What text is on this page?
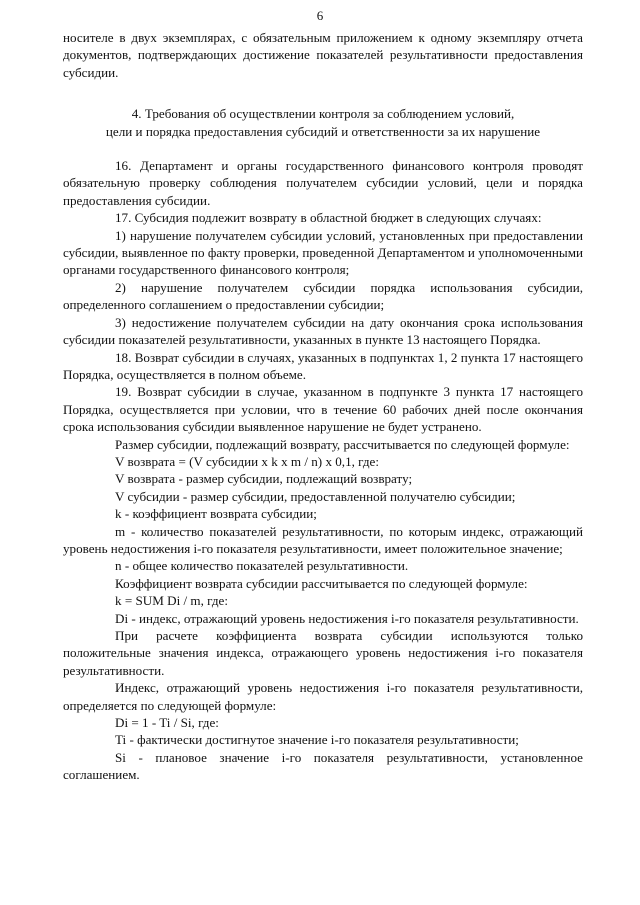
6

носителе в двух экземплярах, с обязательным приложением к одному экземпляру отчета документов, подтверждающих достижение показателей результативности предоставления субсидии.

4. Требования об осуществлении контроля за соблюдением условий,

цели и порядка предоставления субсидий и ответственности за их нарушение

16. Департамент и органы государственного финансового контроля проводят обязательную проверку соблюдения получателем субсидии условий, цели и порядка предоставления субсидии.

17. Субсидия подлежит возврату в областной бюджет в следующих случаях:

1) нарушение получателем субсидии условий, установленных при предоставлении субсидии, выявленное по факту проверки, проведенной Департаментом и уполномоченными органами государственного финансового контроля;

2) нарушение получателем субсидии порядка использования субсидии, определенного соглашением о предоставлении субсидии;

3) недостижение получателем субсидии на дату окончания срока использования субсидии показателей результативности, указанных в пункте 13 настоящего Порядка.

18. Возврат субсидии в случаях, указанных в подпунктах 1, 2 пункта 17 настоящего Порядка, осуществляется в полном объеме.

19. Возврат субсидии в случае, указанном в подпункте 3 пункта 17 настоящего Порядка, осуществляется при условии, что в течение 60 рабочих дней после окончания срока использования субсидии выявленное нарушение не будет устранено.

Размер субсидии, подлежащий возврату, рассчитывается по следующей формуле:

V возврата = (V субсидии x k x m / n) x 0,1, где:

V возврата - размер субсидии, подлежащий возврату;

V субсидии - размер субсидии, предоставленной получателю субсидии;

k - коэффициент возврата субсидии;

m - количество показателей результативности, по которым индекс, отражающий уровень недостижения i-го показателя результативности, имеет положительное значение;

n - общее количество показателей результативности.

Коэффициент возврата субсидии рассчитывается по следующей формуле:

k = SUM Di / m, где:

Di - индекс, отражающий уровень недостижения i-го показателя результативности.

При расчете коэффициента возврата субсидии используются только положительные значения индекса, отражающего уровень недостижения i-го показателя результативности.

Индекс, отражающий уровень недостижения i-го показателя результативности, определяется по следующей формуле:

Di = 1 - Ti / Si, где:

Ti - фактически достигнутое значение i-го показателя результативности;

Si - плановое значение i-го показателя результативности, установленное соглашением.
